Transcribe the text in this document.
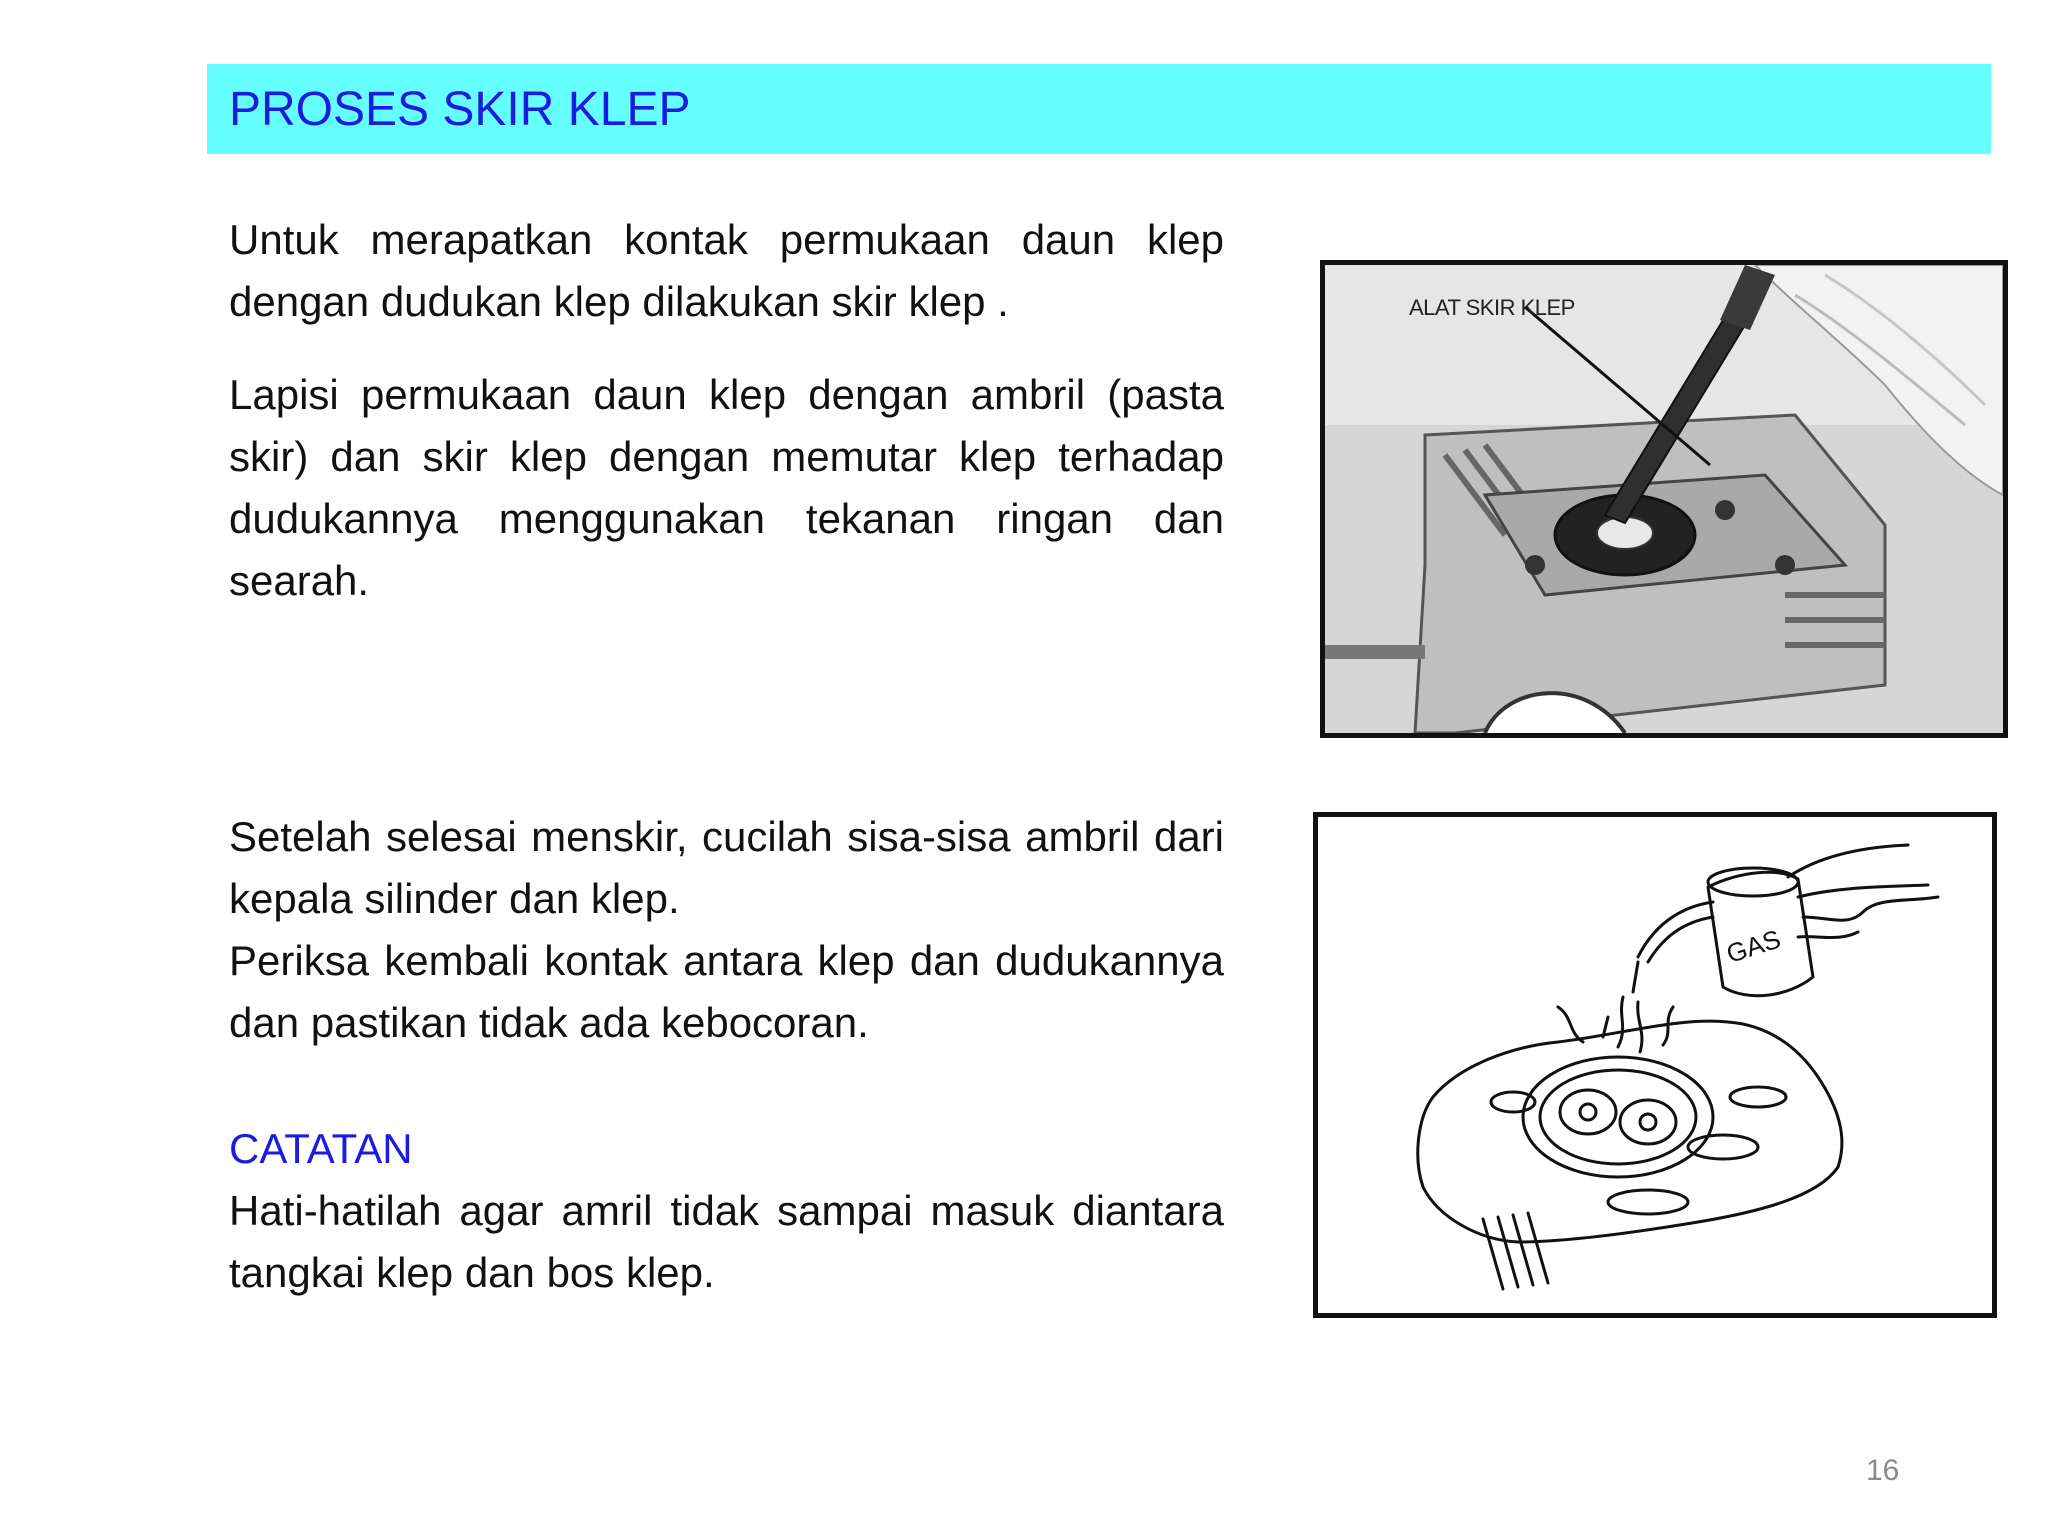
PROSES SKIR KLEP
Untuk merapatkan kontak permukaan daun klep dengan dudukan klep dilakukan skir klep .
Lapisi permukaan daun klep dengan ambril (pasta skir) dan skir klep dengan memutar klep terhadap dudukannya menggunakan tekanan ringan dan searah.
Setelah selesai menskir, cucilah sisa-sisa ambril dari kepala silinder dan klep.
Periksa kembali kontak antara klep dan dudukannya dan pastikan tidak ada kebocoran.
CATATAN
Hati-hatilah agar amril tidak sampai masuk diantara tangkai klep dan bos klep.
ALAT SKIR KLEP
GAS
16
